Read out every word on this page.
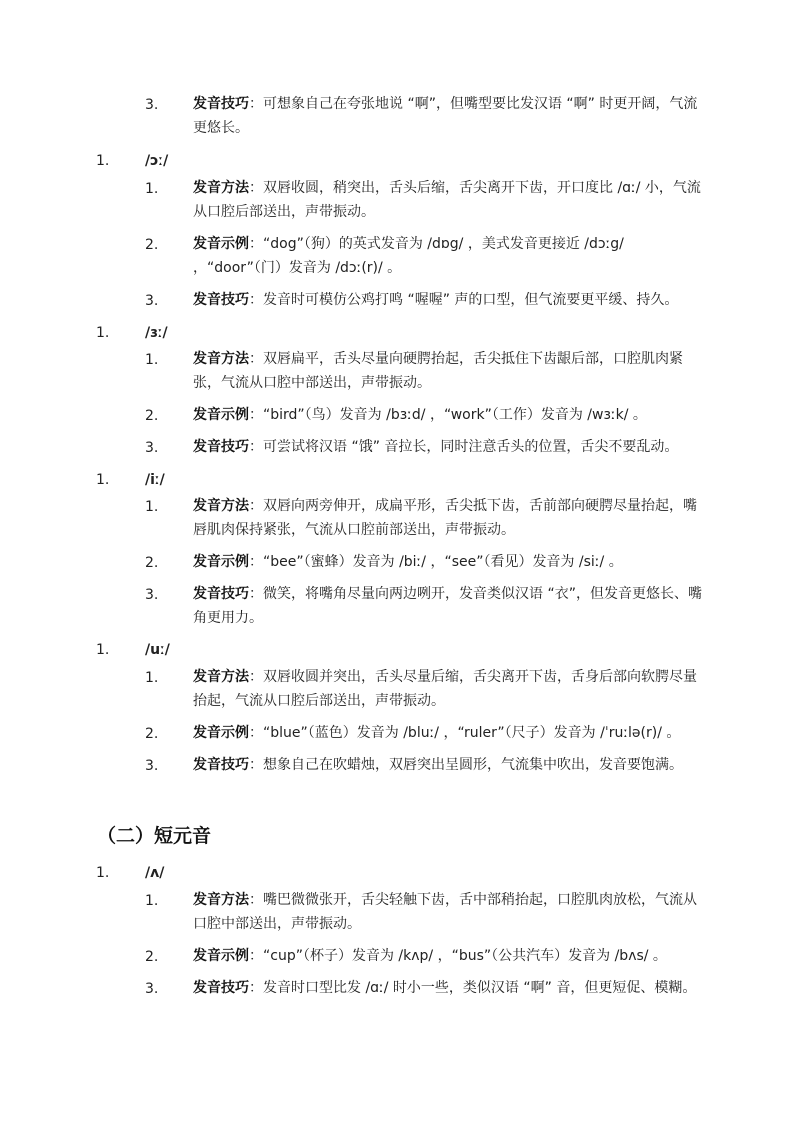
3. 发音技巧：可想象自己在夸张地说 “啊”，但嘴型要比发汉语 “啊” 时更开阔，气流更悠长。
1.	/ɔː/
1. 发音方法：双唇收圆，稍突出，舌头后缩，舌尖离开下齿，开口度比 /ɑː/ 小，气流从口腔后部送出，声带振动。
2. 发音示例：“dog”（狗）的英式发音为 /dɒg/ ，美式发音更接近 /dɔːg/ ，“door”（门）发音为 /dɔː(r)/ 。
3. 发音技巧：发音时可模仿公鸡打鸣 “喔喔” 声的口型，但气流要更平缓、持久。
1.	/ɜː/
1. 发音方法：双唇扁平，舌头尽量向硬腭抬起，舌尖抵住下齿龈后部，口腔肌肉紧张，气流从口腔中部送出，声带振动。
2. 发音示例：“bird”（鸟）发音为 /bɜːd/ ，“work”（工作）发音为 /wɜːk/ 。
3. 发音技巧：可尝试将汉语 “饿” 音拉长，同时注意舌头的位置，舌尖不要乱动。
1.	/iː/
1. 发音方法：双唇向两旁伸开，成扁平形，舌尖抵下齿，舌前部向硬腭尽量抬起，嘴唇肌肉保持紧张，气流从口腔前部送出，声带振动。
2. 发音示例：“bee”（蜜蜂）发音为 /biː/ ，“see”（看见）发音为 /siː/ 。
3. 发音技巧：微笑，将嘴角尽量向两边咧开，发音类似汉语 “衣”，但发音更悠长、嘴角更用力。
1.	/uː/
1. 发音方法：双唇收圆并突出，舌头尽量后缩，舌尖离开下齿，舌身后部向软腭尽量抬起，气流从口腔后部送出，声带振动。
2. 发音示例：“blue”（蓝色）发音为 /bluː/ ，“ruler”（尺子）发音为 /ˈruːlə(r)/ 。
3. 发音技巧：想象自己在吹蜡烛，双唇突出呈圆形，气流集中吹出，发音要饱满。
（二）短元音
1.	/ʌ/
1. 发音方法：嘴巴微微张开，舌尖轻触下齿，舌中部稍抬起，口腔肌肉放松，气流从口腔中部送出，声带振动。
2. 发音示例：“cup”（杯子）发音为 /kʌp/ ，“bus”（公共汽车）发音为 /bʌs/ 。
3. 发音技巧：发音时口型比发 /ɑː/ 时小一些，类似汉语 “啊” 音，但更短促、模糊。
